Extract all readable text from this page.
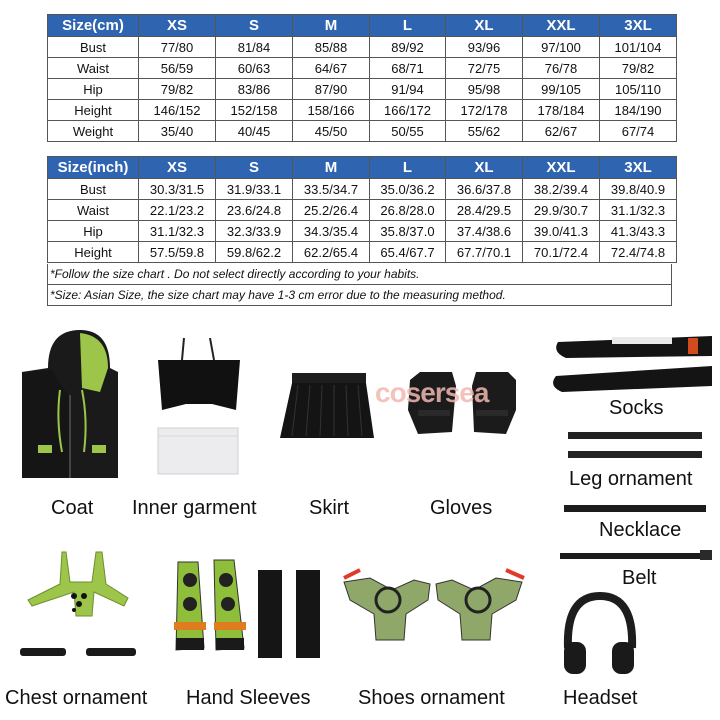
Size(cm)	XS	S	M	L	XL	XXL	3XL
Bust	77/80	81/84	85/88	89/92	93/96	97/100	101/104
Waist	56/59	60/63	64/67	68/71	72/75	76/78	79/82
Hip	79/82	83/86	87/90	91/94	95/98	99/105	105/110
Height	146/152	152/158	158/166	166/172	172/178	178/184	184/190
Weight	35/40	40/45	45/50	50/55	55/62	62/67	67/74
Size(inch)	XS	S	M	L	XL	XXL	3XL
Bust	30.3/31.5	31.9/33.1	33.5/34.7	35.0/36.2	36.6/37.8	38.2/39.4	39.8/40.9
Waist	22.1/23.2	23.6/24.8	25.2/26.4	26.8/28.0	28.4/29.5	29.9/30.7	31.1/32.3
Hip	31.1/32.3	32.3/33.9	34.3/35.4	35.8/37.0	37.4/38.6	39.0/41.3	41.3/43.3
Height	57.5/59.8	59.8/62.2	62.2/65.4	65.4/67.7	67.7/70.1	70.1/72.4	72.4/74.8
*Follow the size chart . Do not select directly according to your habits.
*Size: Asian Size, the size chart may have 1-3 cm error due to the measuring method.
cosersea
Coat Inner garment	Skirt	Gloves
Socks
Leg ornament
Necklace
Belt
Chest ornament Hand Sleeves Shoes ornament	Headset
